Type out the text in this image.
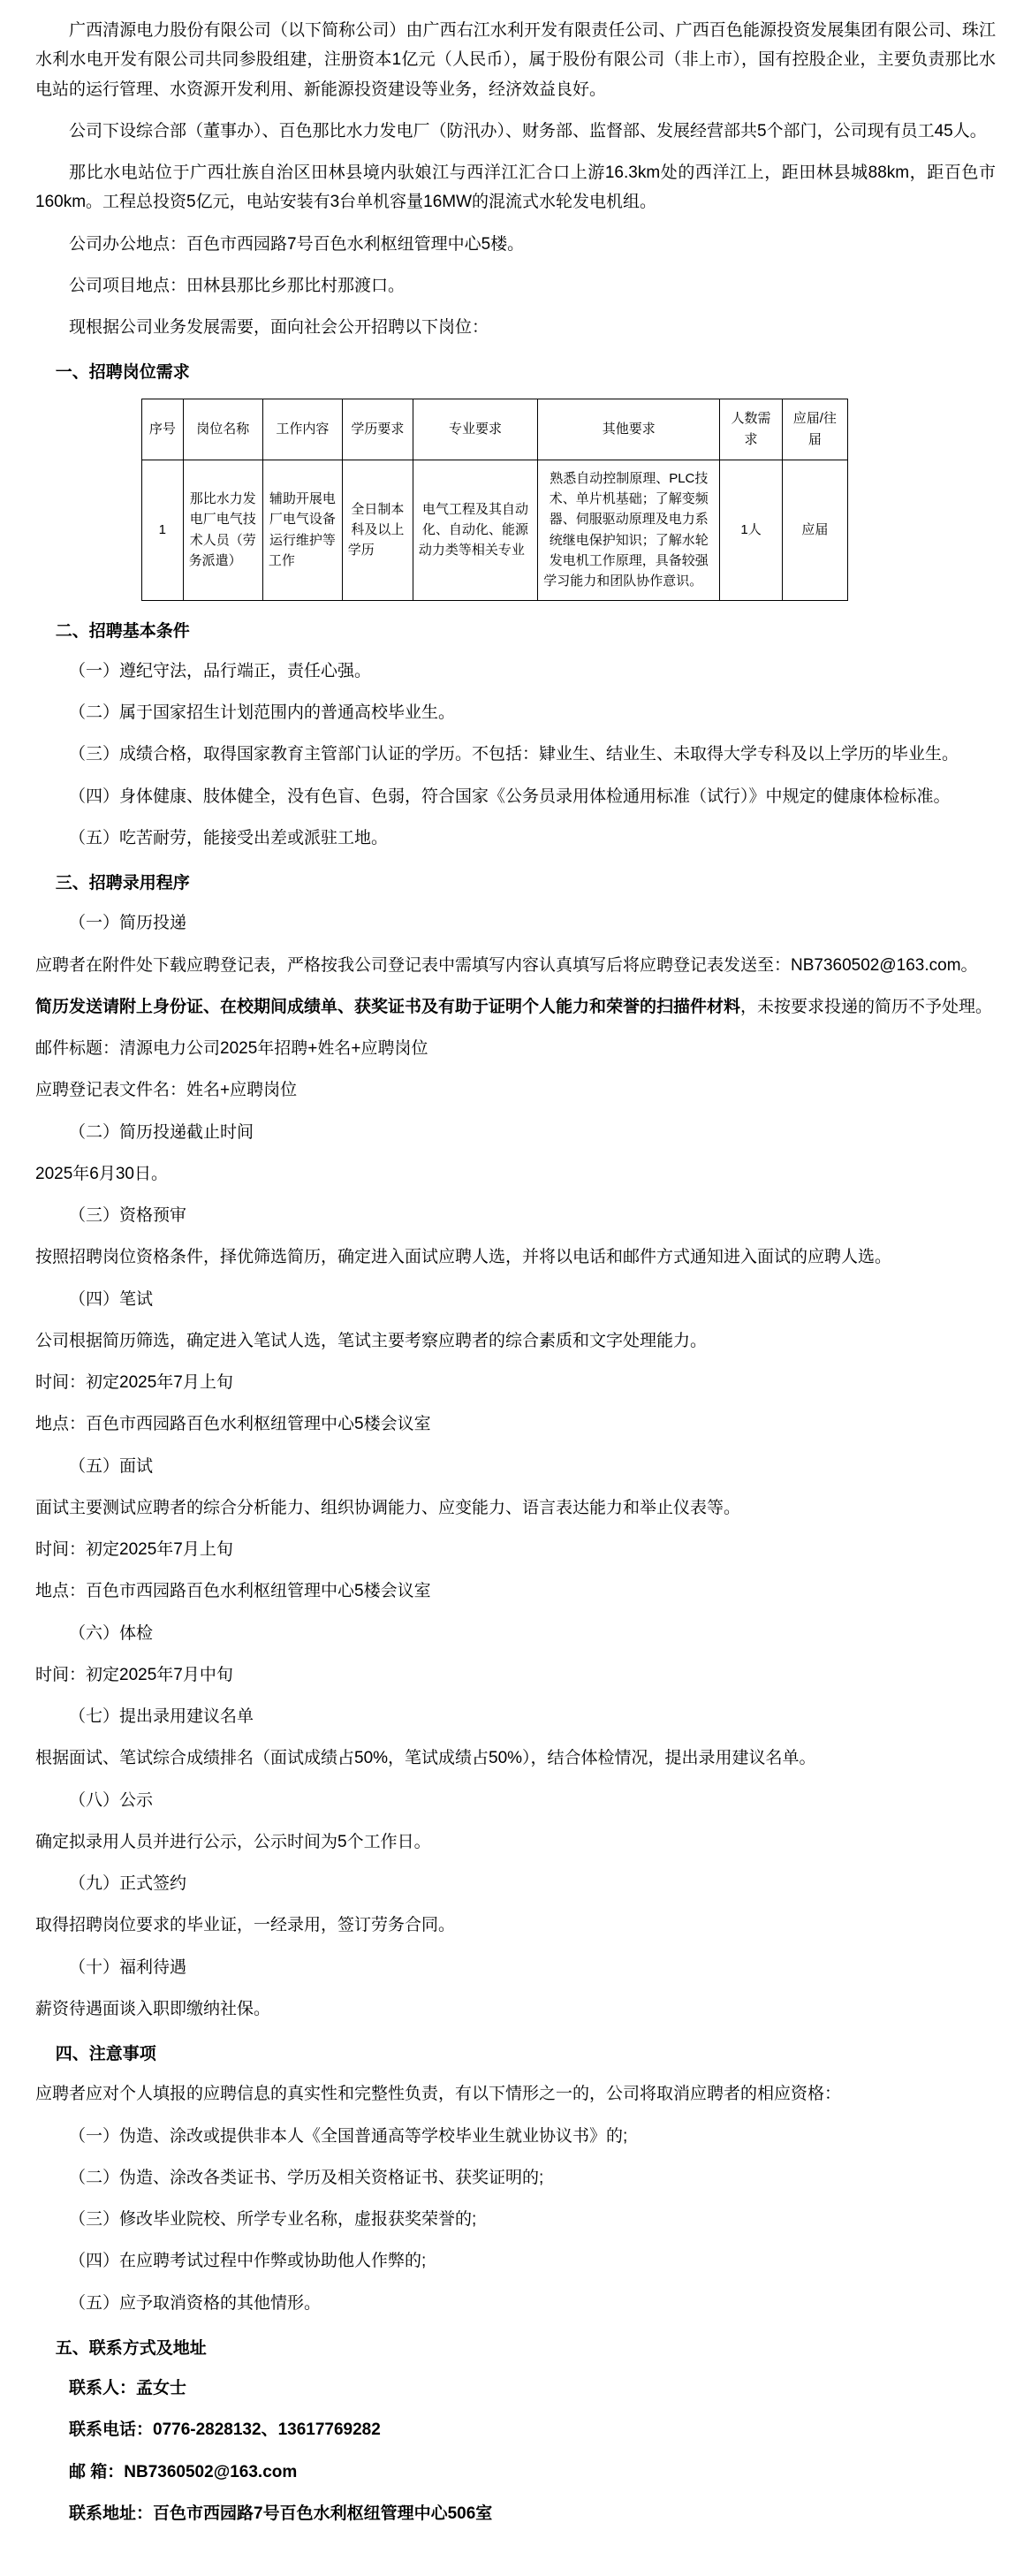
广西清源电力股份有限公司（以下简称公司）由广西右江水利开发有限责任公司、广西百色能源投资发展集团有限公司、珠江水利水电开发有限公司共同参股组建，注册资本1亿元（人民币），属于股份有限公司（非上市），国有控股企业，主要负责那比水电站的运行管理、水资源开发利用、新能源投资建设等业务，经济效益良好。

公司下设综合部（董事办）、百色那比水力发电厂（防汛办）、财务部、监督部、发展经营部共5个部门，公司现有员工45人。

那比水电站位于广西壮族自治区田林县境内驮娘江与西洋江汇合口上游16.3km处的西洋江上，距田林县城88km，距百色市160km。工程总投资5亿元，电站安装有3台单机容量16MW的混流式水轮发电机组。

公司办公地点：百色市西园路7号百色水利枢纽管理中心5楼。

公司项目地点：田林县那比乡那比村那渡口。

现根据公司业务发展需要，面向社会公开招聘以下岗位：

一、招聘岗位需求
序号	岗位名称	工作内容	学历要求	专业要求	其他要求	人数需求	应届/往届
1	那比水力发电厂电气技术人员（劳务派遣）	辅助开展电厂电气设备运行维护等工作	全日制本科及以上学历	电气工程及其自动化、自动化、能源动力类等相关专业	熟悉自动控制原理、PLC技术、单片机基础；了解变频器、伺服驱动原理及电力系统继电保护知识；了解水轮发电机工作原理，具备较强学习能力和团队协作意识。	1人	应届
二、招聘基本条件

（一）遵纪守法，品行端正，责任心强。

（二）属于国家招生计划范围内的普通高校毕业生。

（三）成绩合格，取得国家教育主管部门认证的学历。不包括：肄业生、结业生、未取得大学专科及以上学历的毕业生。

（四）身体健康、肢体健全，没有色盲、色弱，符合国家《公务员录用体检通用标准（试行）》中规定的健康体检标准。

（五）吃苦耐劳，能接受出差或派驻工地。

三、招聘录用程序

（一）简历投递

应聘者在附件处下载应聘登记表，严格按我公司登记表中需填写内容认真填写后将应聘登记表发送至：NB7360502@163.com。

简历发送请附上身份证、在校期间成绩单、获奖证书及有助于证明个人能力和荣誉的扫描件材料，未按要求投递的简历不予处理。

邮件标题：清源电力公司2025年招聘+姓名+应聘岗位

应聘登记表文件名：姓名+应聘岗位

（二）简历投递截止时间

2025年6月30日。

（三）资格预审

按照招聘岗位资格条件，择优筛选简历，确定进入面试应聘人选，并将以电话和邮件方式通知进入面试的应聘人选。

（四）笔试

公司根据简历筛选，确定进入笔试人选，笔试主要考察应聘者的综合素质和文字处理能力。

时间：初定2025年7月上旬

地点：百色市西园路百色水利枢纽管理中心5楼会议室

（五）面试

面试主要测试应聘者的综合分析能力、组织协调能力、应变能力、语言表达能力和举止仪表等。

时间：初定2025年7月上旬

地点：百色市西园路百色水利枢纽管理中心5楼会议室

（六）体检

时间：初定2025年7月中旬

（七）提出录用建议名单

根据面试、笔试综合成绩排名（面试成绩占50%，笔试成绩占50%），结合体检情况，提出录用建议名单。

（八）公示

确定拟录用人员并进行公示，公示时间为5个工作日。

（九）正式签约

取得招聘岗位要求的毕业证，一经录用，签订劳务合同。

（十）福利待遇

薪资待遇面谈入职即缴纳社保。

四、注意事项

应聘者应对个人填报的应聘信息的真实性和完整性负责，有以下情形之一的，公司将取消应聘者的相应资格：

（一）伪造、涂改或提供非本人《全国普通高等学校毕业生就业协议书》的;

（二）伪造、涂改各类证书、学历及相关资格证书、获奖证明的;

（三）修改毕业院校、所学专业名称，虚报获奖荣誉的;

（四）在应聘考试过程中作弊或协助他人作弊的;

（五）应予取消资格的其他情形。

五、联系方式及地址

联系人：孟女士

联系电话：0776-2828132、13617769282

邮 箱：NB7360502@163.com

联系地址：百色市西园路7号百色水利枢纽管理中心506室
